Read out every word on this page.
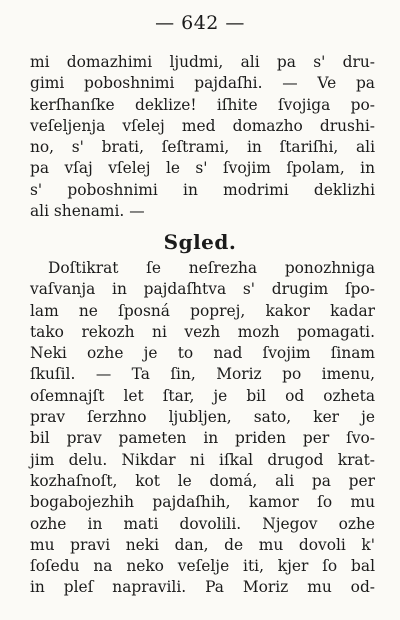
— 642 —
mi domazhimi ljudmi, ali pa s' dru-
gimi poboshnimi pajdaſhi. — Ve pa
kerſhanſke deklize! iſhite ſvojiga po-
veſeljenja vſelej med domazho drushi-
no, s' brati, ſeſtrami, in ſtariſhi, ali
pa vſaj vſelej le s' ſvojim ſpolam, in
s' poboshnimi in modrimi deklizhi
ali shenami. —
Sgled.
Doſtikrat ſe neſrezha ponozhniga
vaſvanja in pajdaſhtva s' drugim ſpo-
lam ne ſposná poprej, kakor kadar
tako rekozh ni vezh mozh pomagati.
Neki ozhe je to nad ſvojim ſinam
ſkuſil. — Ta ſin, Moriz po imenu,
oſemnajſt let ſtar, je bil od ozheta
prav ſerzhno ljubljen, sato, ker je
bil prav pameten in priden per ſvo-
jim delu. Nikdar ni iſkal drugod krat-
kozhaſnoſt, kot le domá, ali pa per
bogabojezhih pajdaſhih, kamor ſo mu
ozhe in mati dovolili. Njegov ozhe
mu pravi neki dan, de mu dovoli k'
ſoſedu na neko veſelje iti, kjer ſo bal
in pleſ napravili. Pa Moriz mu od-
